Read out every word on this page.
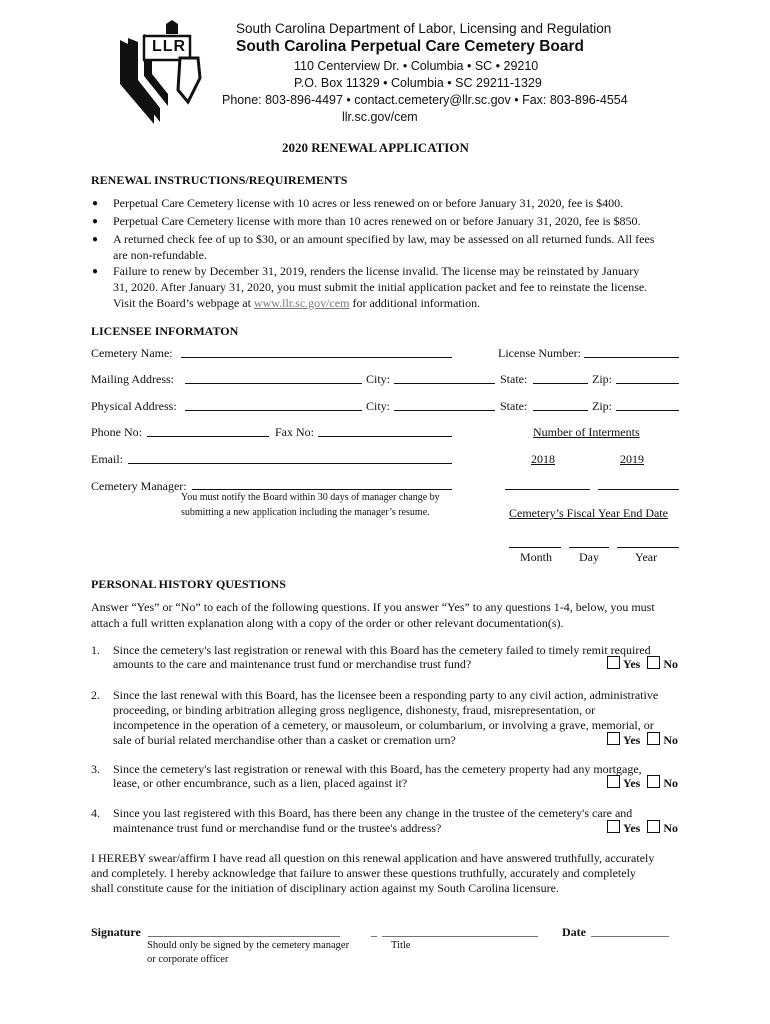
LLR
South Carolina Department of Labor, Licensing and Regulation
South Carolina Perpetual Care Cemetery Board
110 Centerview Dr. • Columbia • SC • 29210
P.O. Box 11329 • Columbia • SC 29211-1329
Phone: 803-896-4497 • contact.cemetery@llr.sc.gov • Fax: 803-896-4554
llr.sc.gov/cem
2020 RENEWAL APPLICATION
RENEWAL INSTRUCTIONS/REQUIREMENTS
● Perpetual Care Cemetery license with 10 acres or less renewed on or before January 31, 2020, fee is $400.
● Perpetual Care Cemetery license with more than 10 acres renewed on or before January 31, 2020, fee is $850.
● A returned check fee of up to $30, or an amount specified by law, may be assessed on all returned funds. All fees
are non-refundable.
● Failure to renew by December 31, 2019, renders the license invalid. The license may be reinstated by January
31, 2020. After January 31, 2020, you must submit the initial application packet and fee to reinstate the license.
Visit the Board’s webpage at www.llr.sc.gov/cem for additional information.
LICENSEE INFORMATON
Cemetery Name:	License Number:
Mailing Address:	City:	State:	Zip:
Physical Address:	City:	State:	Zip:
Phone No:	Fax No:	Number of Interments
Email:	2018	2019
Cemetery Manager:
You must notify the Board within 30 days of manager change by
submitting a new application including the manager’s resume.	Cemetery’s Fiscal Year End Date
Month Day	Year
PERSONAL HISTORY QUESTIONS
Answer “Yes” or “No” to each of the following questions. If you answer “Yes” to any questions 1-4, below, you must
attach a full written explanation along with a copy of the order or other relevant documentation(s).
1. Since the cemetery's last registration or renewal with this Board has the cemetery failed to timely remit required
amounts to the care and maintenance trust fund or merchandise trust fund?	Yes No
2. Since the last renewal with this Board, has the licensee been a responding party to any civil action, administrative
proceeding, or binding arbitration alleging gross negligence, dishonesty, fraud, misrepresentation, or
incompetence in the operation of a cemetery, or mausoleum, or columbarium, or involving a grave, memorial, or
sale of burial related merchandise other than a casket or cremation urn?	Yes No
3. Since the cemetery's last registration or renewal with this Board, has the cemetery property had any mortgage,
lease, or other encumbrance, such as a lien, placed against it?	Yes No
4. Since you last registered with this Board, has there been any change in the trustee of the cemetery's care and
maintenance trust fund or merchandise fund or the trustee's address?	Yes No
I HEREBY swear/affirm I have read all question on this renewal application and have answered truthfully, accurately
and completely. I hereby acknowledge that failure to answer these questions truthfully, accurately and completely
shall constitute cause for the initiation of disciplinary action against my South Carolina licensure.
Signature ________________________________	_ __________________________ Date _____________
Should only be signed by the cemetery manager
or corporate officer
Title
